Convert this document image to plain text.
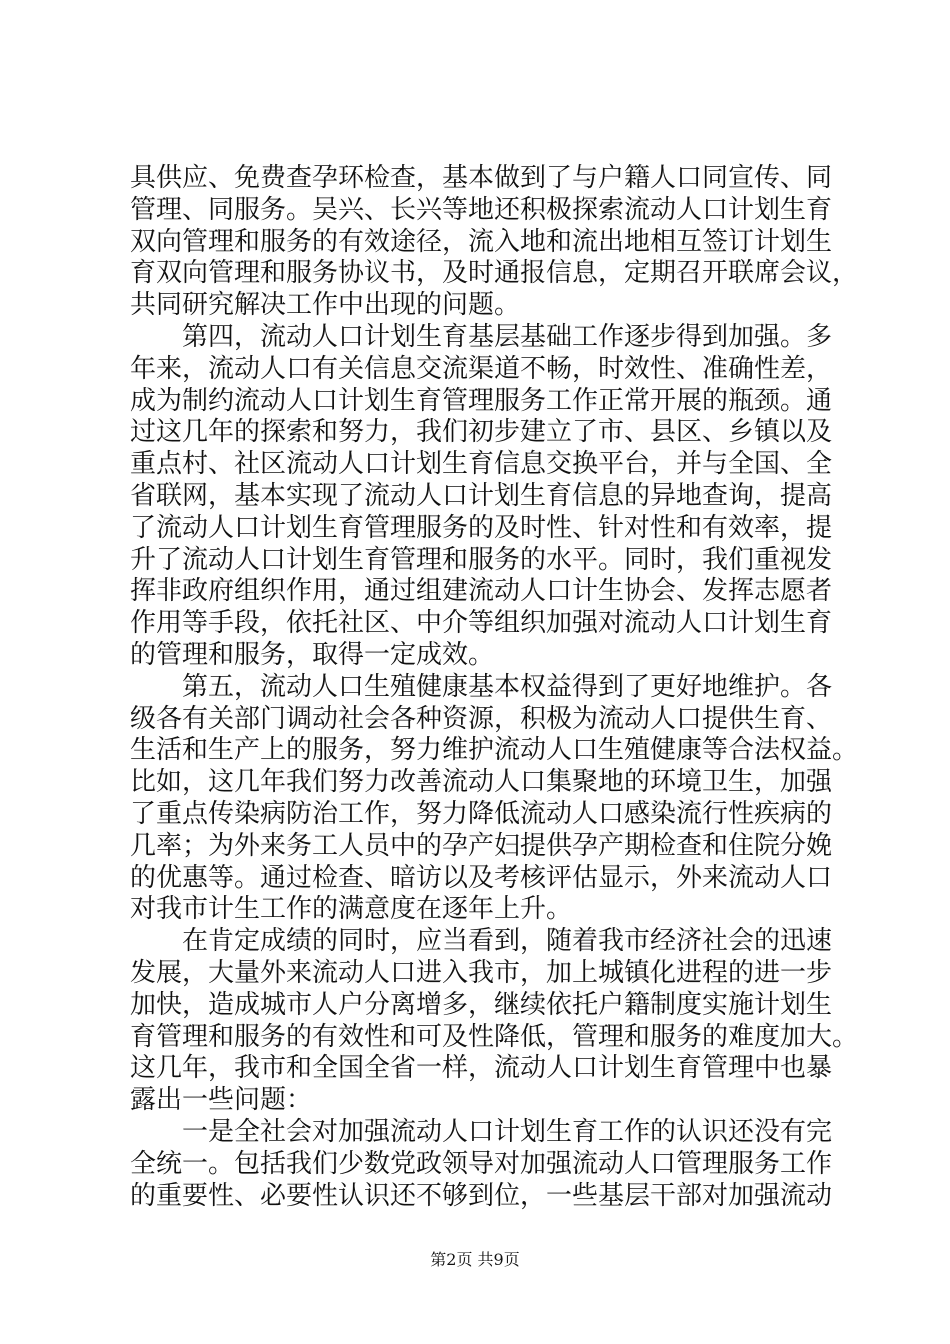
具供应、免费查孕环检查，基本做到了与户籍人口同宣传、同
管理、同服务。吴兴、长兴等地还积极探索流动人口计划生育
双向管理和服务的有效途径，流入地和流出地相互签订计划生
育双向管理和服务协议书，及时通报信息，定期召开联席会议，
共同研究解决工作中出现的问题。
第四，流动人口计划生育基层基础工作逐步得到加强。多
年来，流动人口有关信息交流渠道不畅，时效性、准确性差，
成为制约流动人口计划生育管理服务工作正常开展的瓶颈。通
过这几年的探索和努力，我们初步建立了市、县区、乡镇以及
重点村、社区流动人口计划生育信息交换平台，并与全国、全
省联网，基本实现了流动人口计划生育信息的异地查询，提高
了流动人口计划生育管理服务的及时性、针对性和有效率，提
升了流动人口计划生育管理和服务的水平。同时，我们重视发
挥非政府组织作用，通过组建流动人口计生协会、发挥志愿者
作用等手段，依托社区、中介等组织加强对流动人口计划生育
的管理和服务，取得一定成效。
第五，流动人口生殖健康基本权益得到了更好地维护。各
级各有关部门调动社会各种资源，积极为流动人口提供生育、
生活和生产上的服务，努力维护流动人口生殖健康等合法权益。
比如，这几年我们努力改善流动人口集聚地的环境卫生，加强
了重点传染病防治工作，努力降低流动人口感染流行性疾病的
几率；为外来务工人员中的孕产妇提供孕产期检查和住院分娩
的优惠等。通过检查、暗访以及考核评估显示，外来流动人口
对我市计生工作的满意度在逐年上升。
在肯定成绩的同时，应当看到，随着我市经济社会的迅速
发展，大量外来流动人口进入我市，加上城镇化进程的进一步
加快，造成城市人户分离增多，继续依托户籍制度实施计划生
育管理和服务的有效性和可及性降低，管理和服务的难度加大。
这几年，我市和全国全省一样，流动人口计划生育管理中也暴
露出一些问题：
一是全社会对加强流动人口计划生育工作的认识还没有完
全统一。包括我们少数党政领导对加强流动人口管理服务工作
的重要性、必要性认识还不够到位，一些基层干部对加强流动
第2页 共9页
